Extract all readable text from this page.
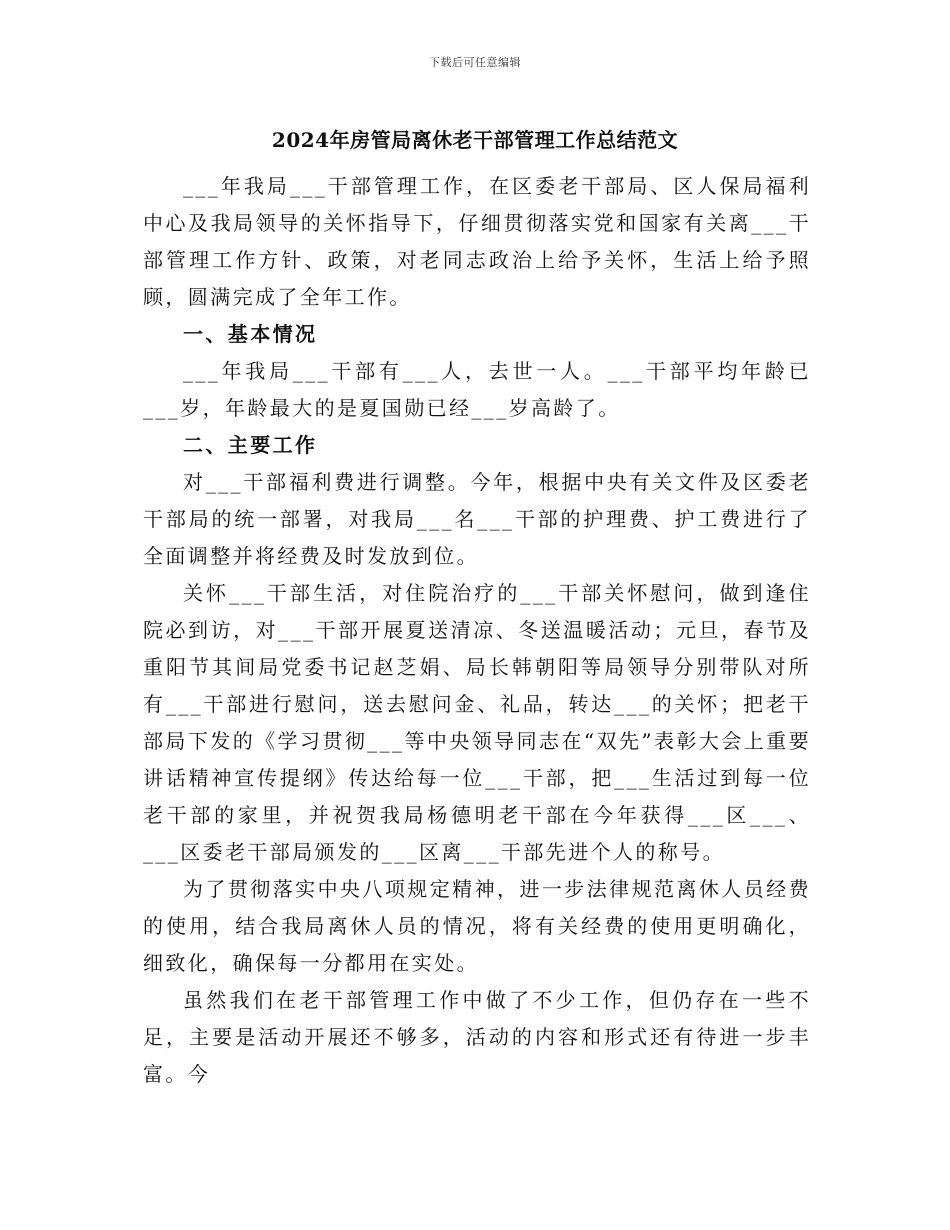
下载后可任意编辑
2024年房管局离休老干部管理工作总结范文

___年我局___干部管理工作，在区委老干部局、区人保局福利中心及我局领导的关怀指导下，仔细贯彻落实党和国家有关离___干部管理工作方针、政策，对老同志政治上给予关怀，生活上给予照顾，圆满完成了全年工作。

一、基本情况

___年我局___干部有___人，去世一人。___干部平均年龄已___岁，年龄最大的是夏国勋已经___岁高龄了。

二、主要工作

对___干部福利费进行调整。今年，根据中央有关文件及区委老干部局的统一部署，对我局___名___干部的护理费、护工费进行了全面调整并将经费及时发放到位。

关怀___干部生活，对住院治疗的___干部关怀慰问，做到逢住院必到访，对___干部开展夏送清凉、冬送温暖活动；元旦，春节及重阳节其间局党委书记赵芝娟、局长韩朝阳等局领导分别带队对所有___干部进行慰问，送去慰问金、礼品，转达___的关怀；把老干部局下发的《学习贯彻___等中央领导同志在“双先”表彰大会上重要讲话精神宣传提纲》传达给每一位___干部，把___生活过到每一位老干部的家里，并祝贺我局杨德明老干部在今年获得___区___、___区委老干部局颁发的___区离___干部先进个人的称号。

为了贯彻落实中央八项规定精神，进一步法律规范离休人员经费的使用，结合我局离休人员的情况，将有关经费的使用更明确化，细致化，确保每一分都用在实处。

虽然我们在老干部管理工作中做了不少工作，但仍存在一些不足，主要是活动开展还不够多，活动的内容和形式还有待进一步丰富。今
